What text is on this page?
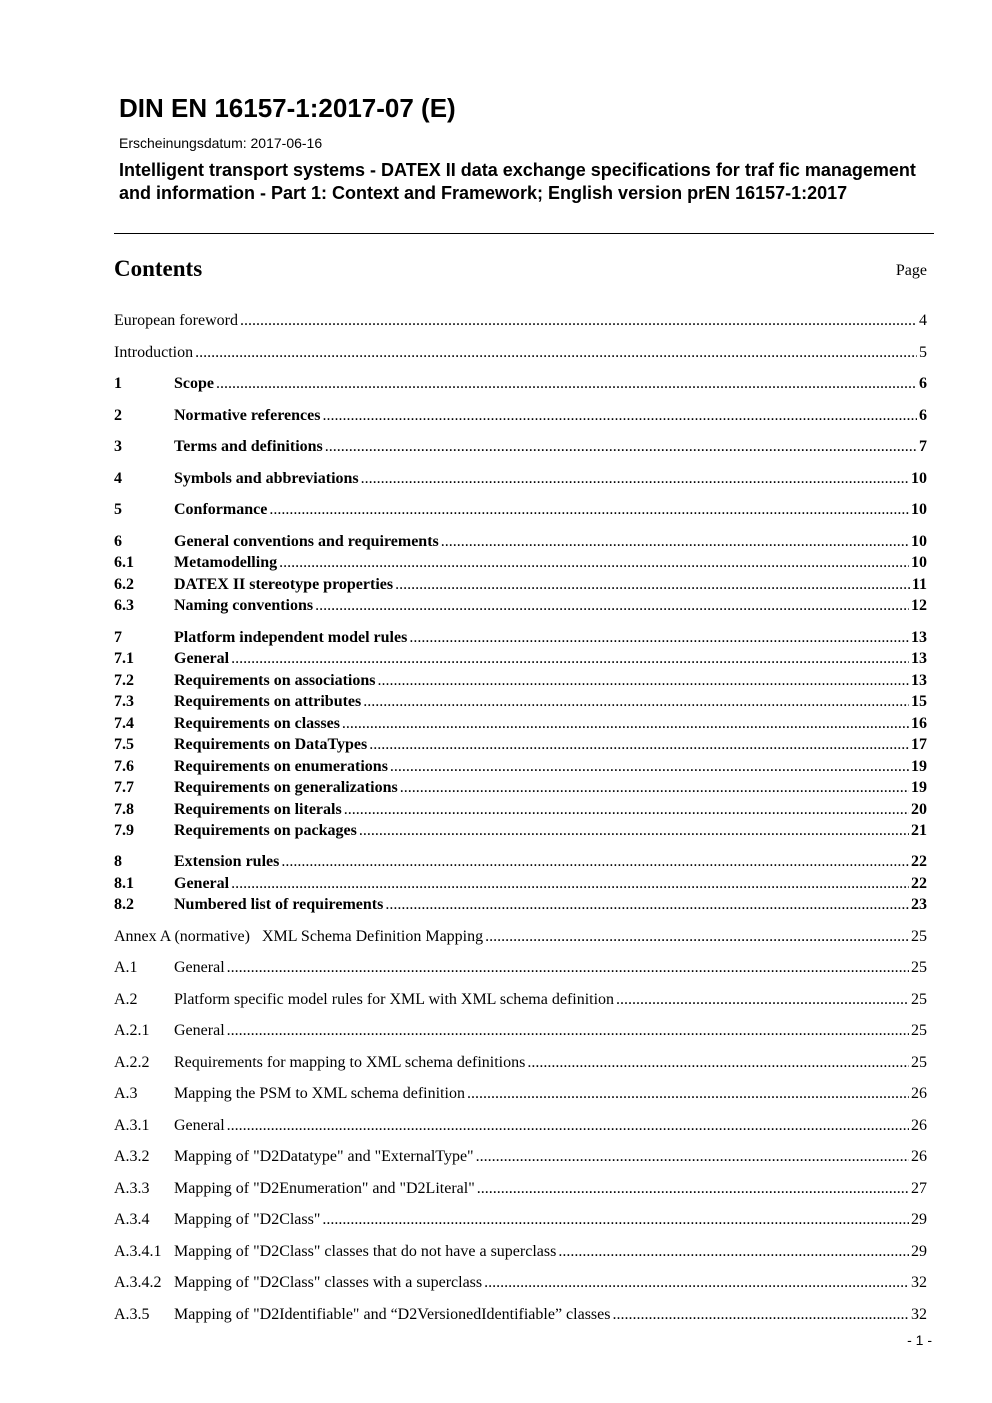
DIN EN 16157-1:2017-07 (E)
Erscheinungsdatum: 2017-06-16
Intelligent transport systems - DATEX II data exchange specifications for traf fic management and information - Part 1: Context and Framework; English version prEN 16157-1:2017
Contents	Page
European foreword .....	4
Introduction .....	5
1	Scope .....	6
2	Normative references .....	6
3	Terms and definitions .....	7
4	Symbols and abbreviations .....	10
5	Conformance .....	10
6	General conventions and requirements .....	10
6.1	Metamodelling .....	10
6.2	DATEX II stereotype properties .....	11
6.3	Naming conventions .....	12
7	Platform independent model rules .....	13
7.1	General .....	13
7.2	Requirements on associations .....	13
7.3	Requirements on attributes .....	15
7.4	Requirements on classes .....	16
7.5	Requirements on DataTypes .....	17
7.6	Requirements on enumerations .....	19
7.7	Requirements on generalizations .....	19
7.8	Requirements on literals .....	20
7.9	Requirements on packages .....	21
8	Extension rules .....	22
8.1	General .....	22
8.2	Numbered list of requirements .....	23
Annex A (normative) XML Schema Definition Mapping .....	25
A.1	General .....	25
A.2	Platform specific model rules for XML with XML schema definition .....	25
A.2.1	General .....	25
A.2.2	Requirements for mapping to XML schema definitions .....	25
A.3	Mapping the PSM to XML schema definition .....	26
A.3.1	General .....	26
A.3.2	Mapping of "D2Datatype" and "ExternalType" .....	26
A.3.3	Mapping of "D2Enumeration" and "D2Literal" .....	27
A.3.4	Mapping of "D2Class" .....	29
A.3.4.1 Mapping of "D2Class" classes that do not have a superclass .....	29
A.3.4.2 Mapping of "D2Class" classes with a superclass .....	32
A.3.5	Mapping of "D2Identifiable" and “D2VersionedIdentifiable” classes .....	32
- 1 -
